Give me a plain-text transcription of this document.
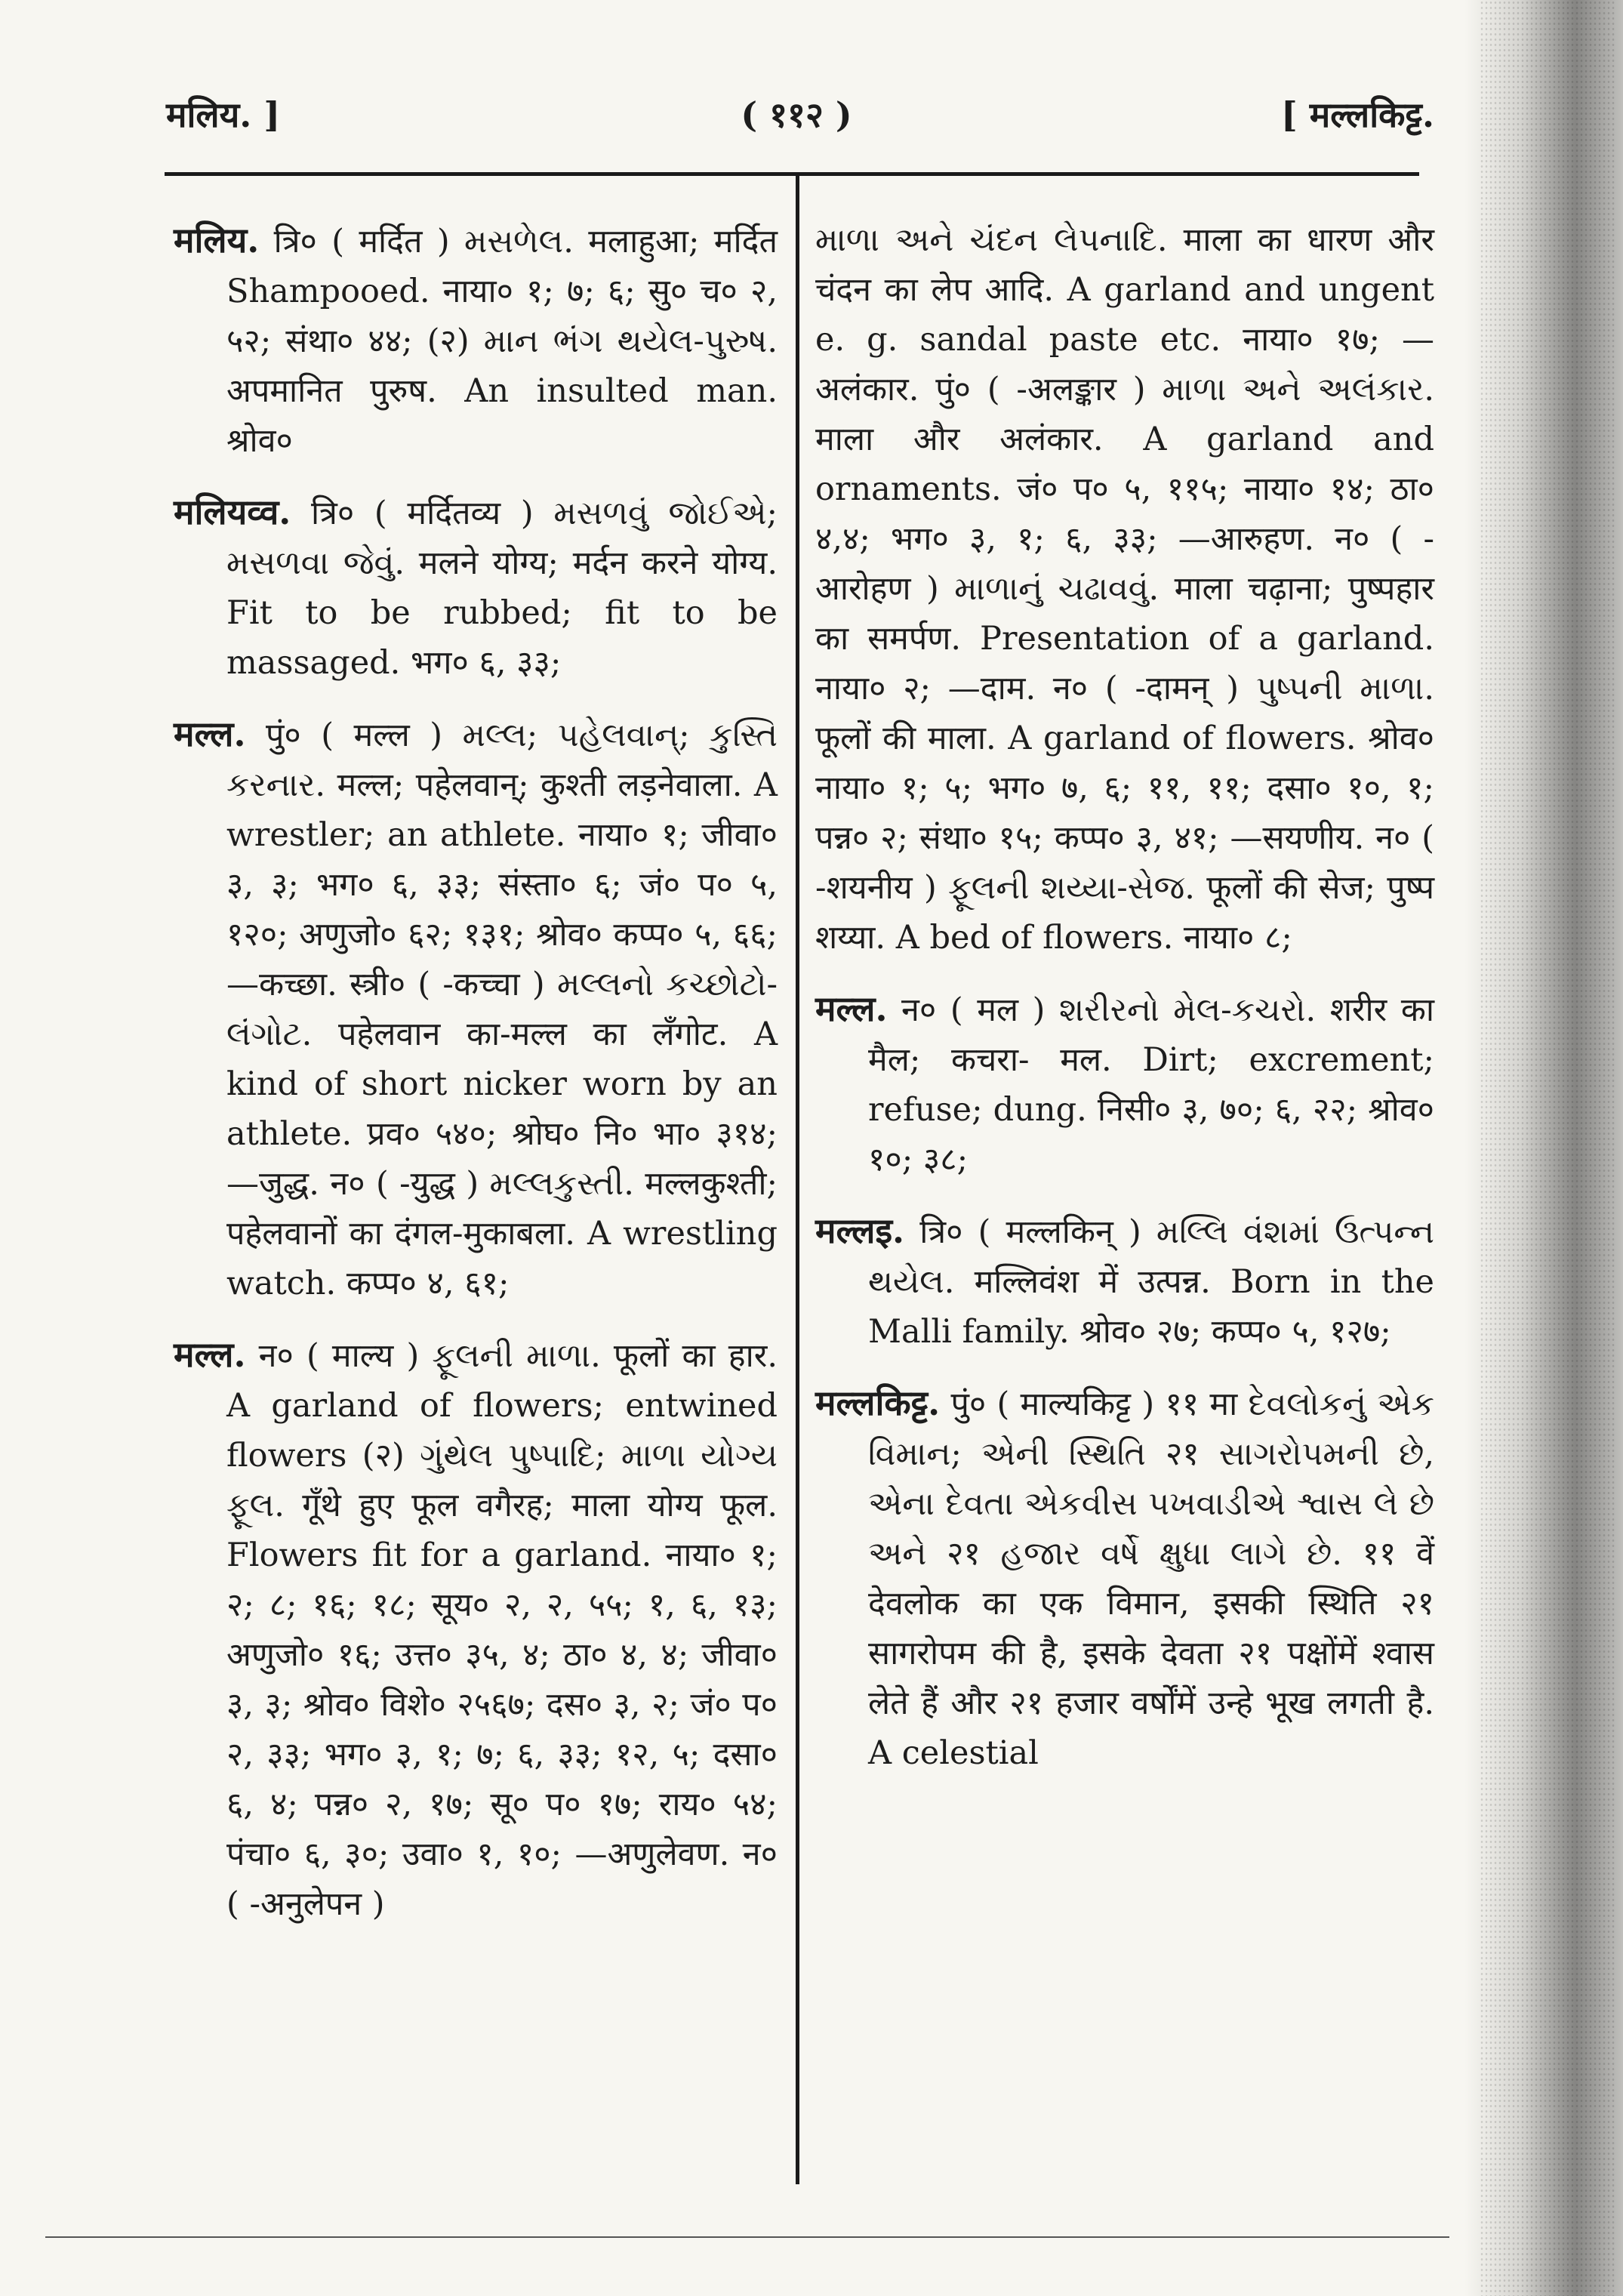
मलिय. ]	( ११२ )	[ मल्लकिट्ट.

मलिय. त्रि० ( मर्दित ) મસળેલ. मलाहुआ; मर्दित Shampooed. नाया० १; ७; ६; सु० च० २, ५२; संथा० ४४; (२) માન ભંગ થયેલ-પુરુષ. अपमानित पुरुष. An insulted man. श्रोव०

मलियव्व. त्रि० ( मर्दितव्य ) મસળવું જોઈએ; મસળવા જેવું. मलने योग्य; मर्दन करने योग्य. Fit to be rubbed; fit to be massaged. भग० ६, ३३;

मल्ल. पुं० ( मल्ल ) મલ્લ; પહેલવાન્; કુસ્તિ કરનાર. मल्ल; पहेलवान्; कुश्ती लड़नेवाला. A wrestler; an athlete. नाया० १; जीवा० ३, ३; भग० ६, ३३; संस्ता० ६; जं० प० ५, १२०; अणुजो० ६२; १३१; श्रोव० कप्प० ५, ६६; —कच्छा. स्त्री० ( -कच्चा ) મલ્લનો કચ્છોટો-લંગોટ. पहेलवान का-मल्ल का लँगोट. A kind of short nicker worn by an athlete. प्रव० ५४०; श्रोघ० नि० भा० ३१४; —जुद्ध. न० ( -युद्ध ) મલ્લકુસ્તી. मल्लकुश्ती; पहेलवानों का दंगल-मुकाबला. A wrestling watch. कप्प० ४, ६१;

मल्ल. न० ( माल्य ) ફૂલની માળા. फूलों का हार. A garland of flowers; entwined flowers (२) ગુંથેલ પુષ્પાદિ; માળા યોગ્ય ફૂલ. गूँथे हुए फूल वगैरह; माला योग्य फूल. Flowers fit for a garland. नाया० १; २; ८; १६; १८; सूय० २, २, ५५; १, ६, १३; अणुजो० १६; उत्त० ३५, ४; ठा० ४, ४; जीवा० ३, ३; श्रोव० विशे० २५६७; दस० ३, २; जं० प० २, ३३; भग० ३, १; ७; ६, ३३; १२, ५; दसा० ६, ४; पन्न० २, १७; सू० प० १७; राय० ५४; पंचा० ६, ३०; उवा० १, १०; —अणुलेवण. न० ( -अनुलेपन )

માળા અને ચંદન લેપનાદિ. माला का धारण और चंदन का लेप आदि. A garland and ungent e. g. sandal paste etc. नाया० १७; —अलंकार. पुं० ( -अलङ्कार ) માળા અને અલંકાર. माला और अलंकार. A garland and ornaments. जं० प० ५, ११५; नाया० १४; ठा० ४,४; भग० ३, १; ६, ३३; —आरुहण. न० ( -आरोहण ) માળાનું ચઢાવવું. माला चढ़ाना; पुष्पहार का समर्पण. Presentation of a garland. नाया० २; —दाम. न० ( -दामन् ) પુષ્પની માળા. फूलों की माला. A garland of flowers. श्रोव० नाया० १; ५; भग० ७, ६; ११, ११; दसा० १०, १; पन्न० २; संथा० १५; कप्प० ३, ४१; —सयणीय. न० ( -शयनीय ) ફૂલની શય્યા-સેજ. फूलों की सेज; पुष्प शय्या. A bed of flowers. नाया० ८;

मल्ल. न० ( मल ) શરીરનો મેલ-કચરો. शरीर का मैल; कचरा- मल. Dirt; excrement; refuse; dung. निसी० ३, ७०; ६, २२; श्रोव० १०; ३८;

मल्लइ. त्रि० ( मल्लकिन् ) મલ્લિ વંશમાં ઉત્પન્ન થયેલ. मल्लिवंश में उत्पन्न. Born in the Malli family. श्रोव० २७; कप्प० ५, १२७;

मल्लकिट्ट. पुं० ( माल्यकिट्ट ) ११ मा દેવલોકનું એક વિમાન; એની સ્થિતિ २१ સાગરોપમની છે, એના દેવતા એકવીસ પખવાડીએ શ્વાસ લે છે અને २१ હજાર વર્ષે ક્ષુધા લાગે છે. ११ वें देवलोक का एक विमान, इसकी स्थिति २१ सागरोपम की है, इसके देवता २१ पक्षोंमें श्वास लेते हैं और २१ हजार वर्षोंमें उन्हे भूख लगती है. A celestial
